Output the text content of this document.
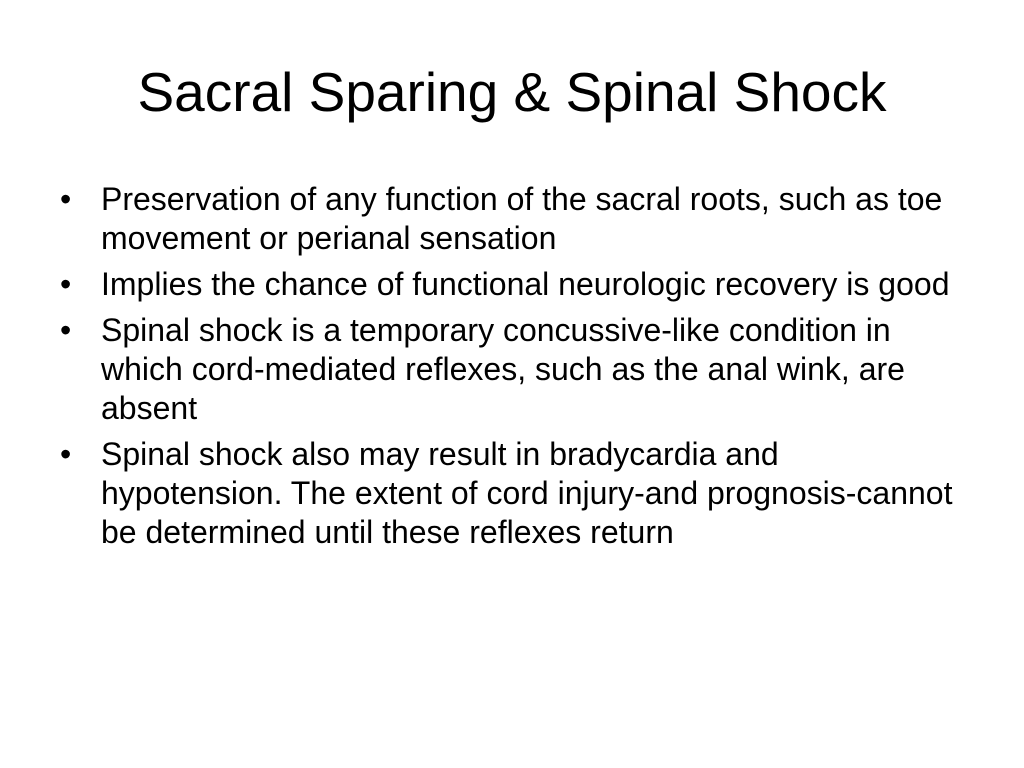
Sacral Sparing & Spinal Shock
• Preservation of any function of the sacral roots, such as toe movement or perianal sensation
• Implies the chance of functional neurologic recovery is good
• Spinal shock is a temporary concussive-like condition in which cord-mediated reflexes, such as the anal wink, are absent
• Spinal shock also may result in bradycardia and hypotension. The extent of cord injury-and prognosis-cannot be determined until these reflexes return
